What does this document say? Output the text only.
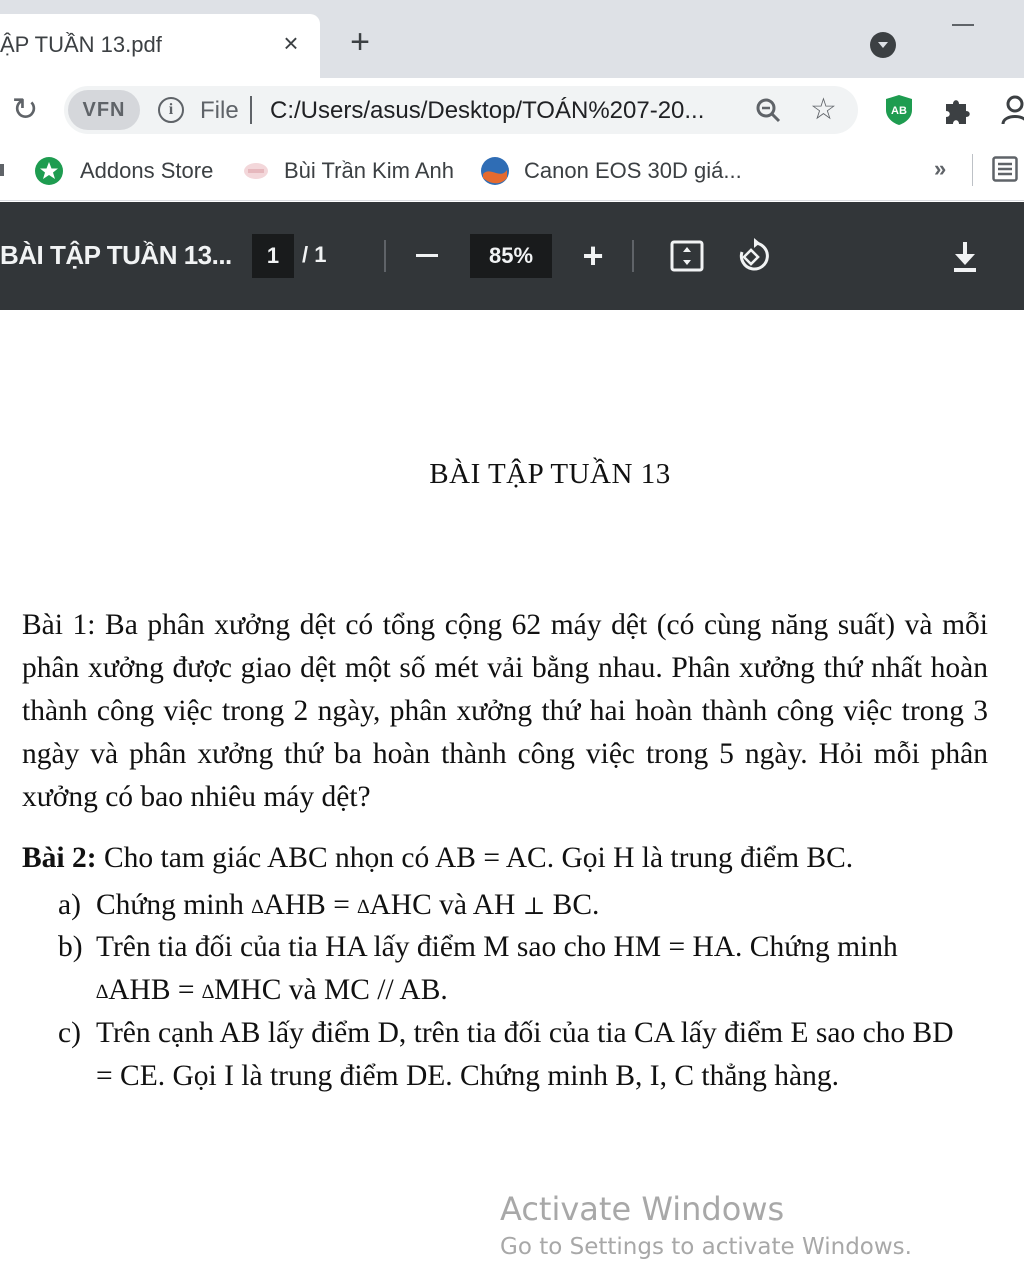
ẬP TUẦN 13.pdf	× +
↻	VFN	i	File C:/Users/asus/Desktop/TOÁN%207-20...	☆	AB
Addons Store	Bùi Trần Kim Anh	Canon EOS 30D giá...	»
BÀI TẬP TUẦN 13...	1	/ 1	85%	+
BÀI TẬP TUẦN 13
Bài 1: Ba phân xưởng dệt có tổng cộng 62 máy dệt (có cùng năng suất) và mỗi phân xưởng được giao dệt một số mét vải bằng nhau. Phân xưởng thứ nhất hoàn thành công việc trong 2 ngày, phân xưởng thứ hai hoàn thành công việc trong 3 ngày và phân xưởng thứ ba hoàn thành công việc trong 5 ngày. Hỏi mỗi phân xưởng có bao nhiêu máy dệt?
Bài 2: Cho tam giác ABC nhọn có AB = AC. Gọi H là trung điểm BC.
a) Chứng minh ∆AHB = ∆AHC và AH ⊥ BC.
b) Trên tia đối của tia HA lấy điểm M sao cho HM = HA. Chứng minh ∆AHB = ∆MHC và MC // AB.
c) Trên cạnh AB lấy điểm D, trên tia đối của tia CA lấy điểm E sao cho BD = CE. Gọi I là trung điểm DE. Chứng minh B, I, C thẳng hàng.
Activate Windows
Go to Settings to activate Windows.
